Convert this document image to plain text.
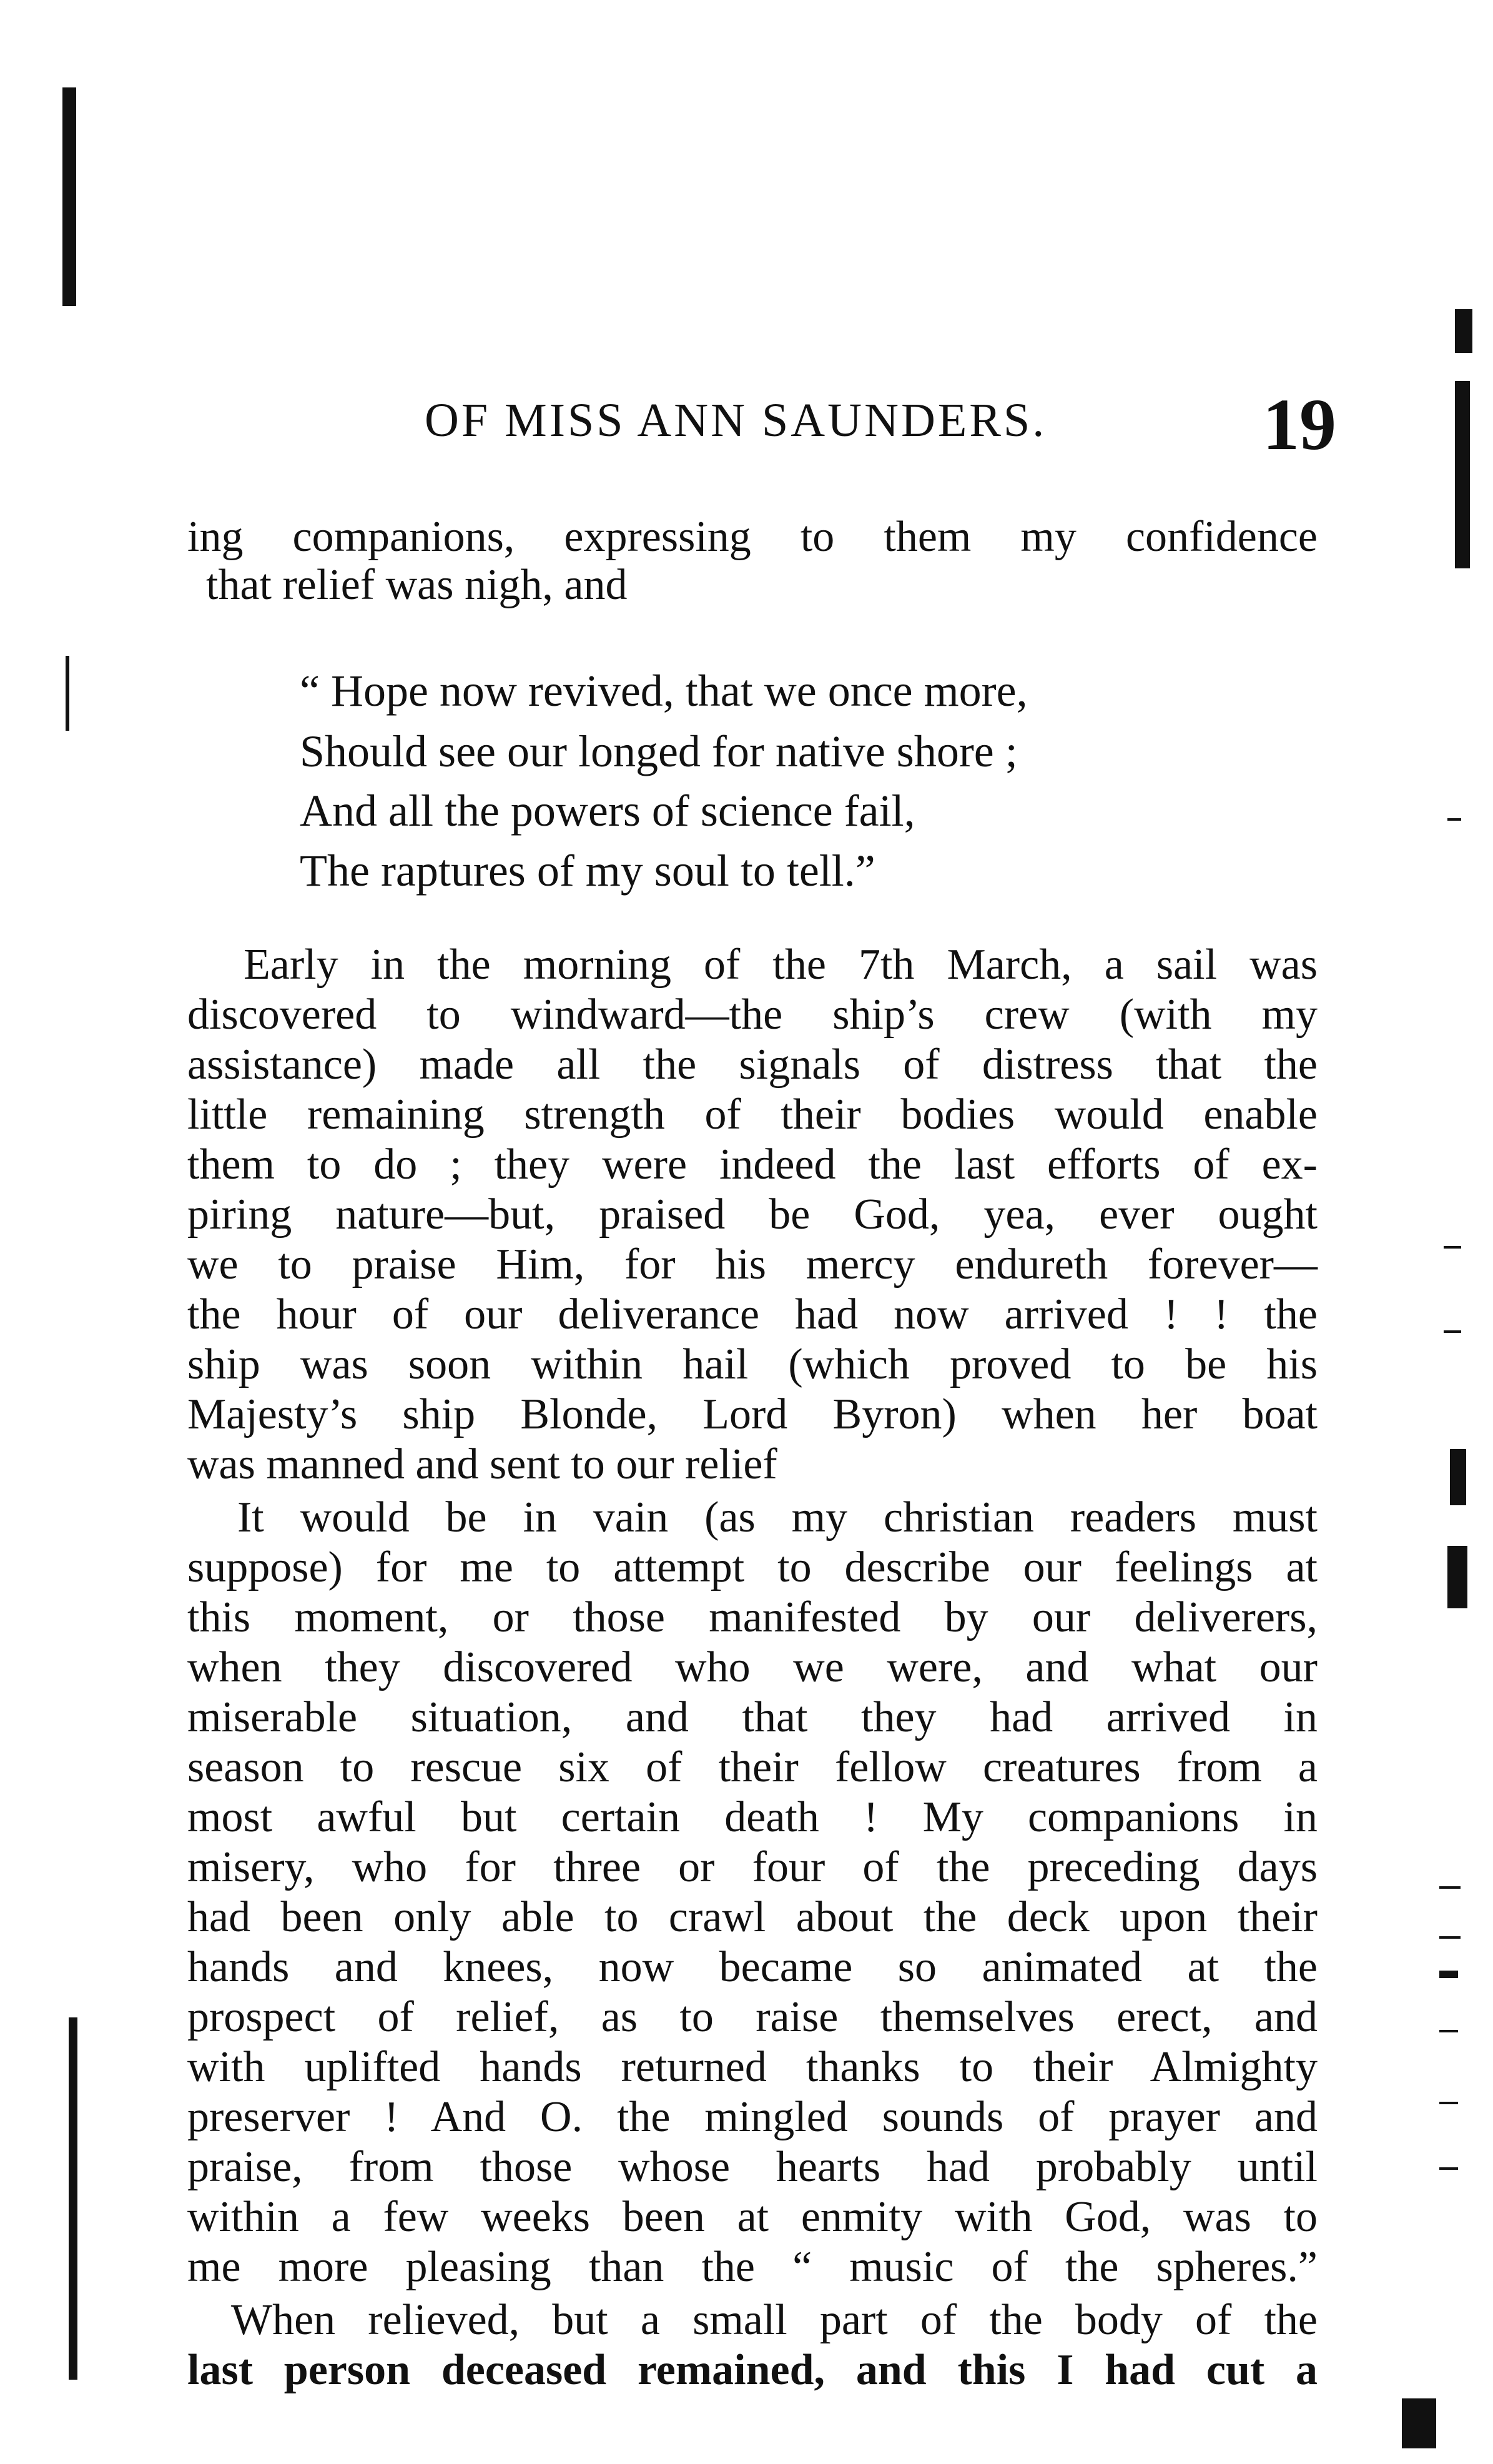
OF MISS ANN SAUNDERS.	19
ing companions, expressing to them my confidence
that relief was nigh, and
“ Hope now revived, that we once more,
Should see our longed for native shore ;
And all the powers of science fail,
The raptures of my soul to tell.”
Early in the morning of the 7th March, a sail was
discovered to windward—the ship’s crew (with my
assistance) made all the signals of distress that the
little remaining strength of their bodies would enable
them to do ; they were indeed the last efforts of ex-
piring nature—but, praised be God, yea, ever ought
we to praise Him, for his mercy endureth forever—
the hour of our deliverance had now arrived ! ! the
ship was soon within hail (which proved to be his
Majesty’s ship Blonde, Lord Byron) when her boat
was manned and sent to our relief
It would be in vain (as my christian readers must
suppose) for me to attempt to describe our feelings at
this moment, or those manifested by our deliverers,
when they discovered who we were, and what our
miserable situation, and that they had arrived in
season to rescue six of their fellow creatures from a
most awful but certain death ! My companions in
misery, who for three or four of the preceding days
had been only able to crawl about the deck upon their
hands and knees, now became so animated at the
prospect of relief, as to raise themselves erect, and
with uplifted hands returned thanks to their Almighty
preserver ! And O. the mingled sounds of prayer and
praise, from those whose hearts had probably until
within a few weeks been at enmity with God, was to
me more pleasing than the “ music of the spheres.”
When relieved, but a small part of the body of the
last person deceased remained, and this I had cut a
